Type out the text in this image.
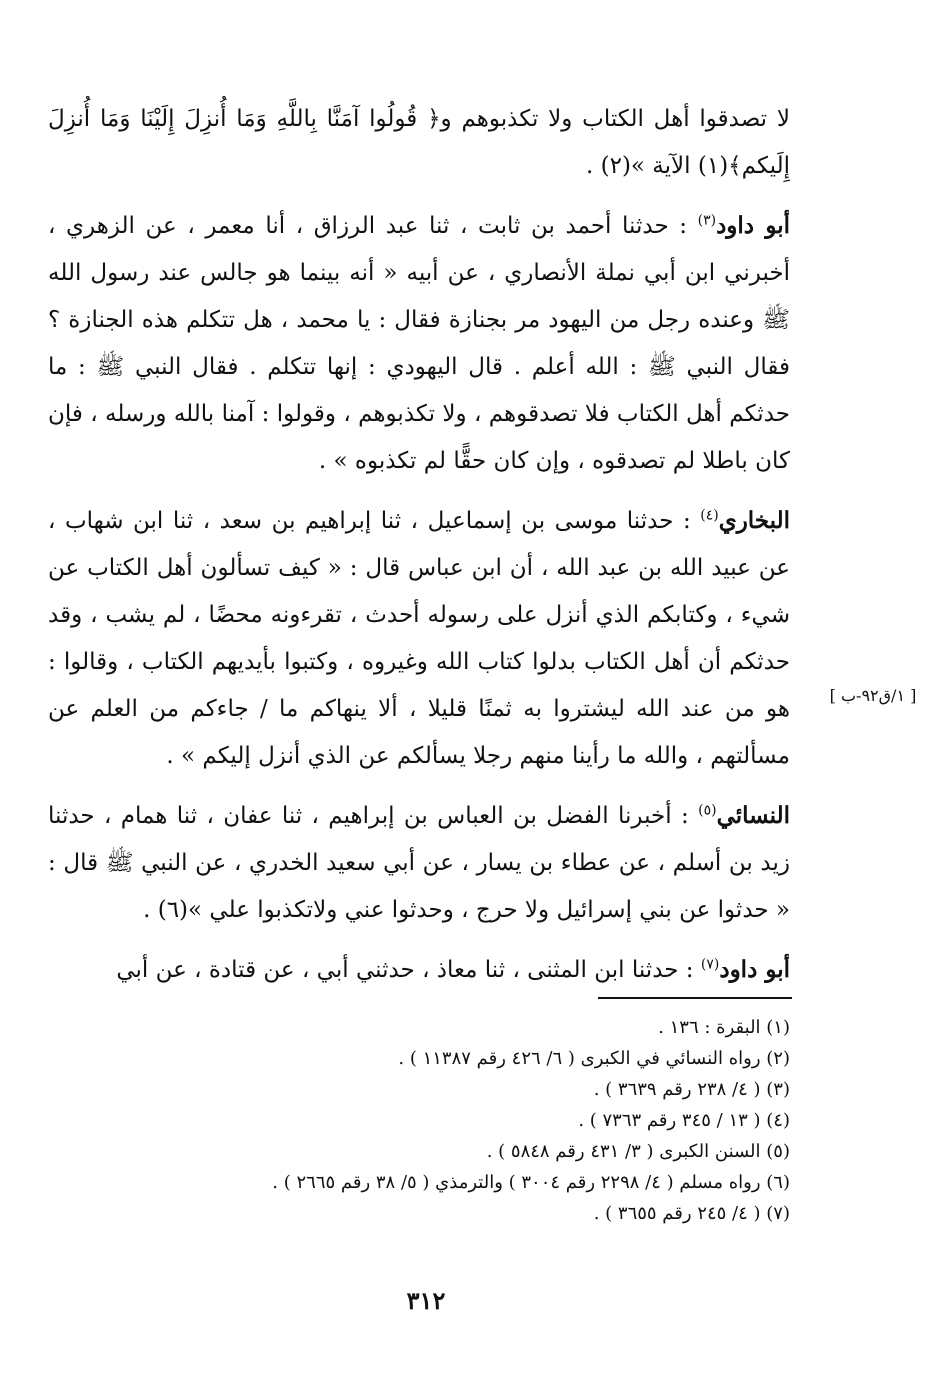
لا تصدقوا أهل الكتاب ولا تكذبوهم و﴿ قُولُوا آمَنَّا بِاللَّهِ وَمَا أُنزِلَ إِلَيْنَا وَمَا أُنزِلَ إِلَيكم﴾(١) الآية »(٢) .

أبو داود$^{(٣)}$ : حدثنا أحمد بن ثابت ، ثنا عبد الرزاق ، أنا معمر ، عن الزهري ، أخبرني ابن أبي نملة الأنصاري ، عن أبيه « أنه بينما هو جالس عند رسول الله ﷺ وعنده رجل من اليهود مر بجنازة فقال : يا محمد ، هل تتكلم هذه الجنازة ؟ فقال النبي ﷺ : الله أعلم . قال اليهودي : إنها تتكلم . فقال النبي ﷺ : ما حدثكم أهل الكتاب فلا تصدقوهم ، ولا تكذبوهم ، وقولوا : آمنا بالله ورسله ، فإن كان باطلا لم تصدقوه ، وإن كان حقًّا لم تكذبوه » .

البخاري$^{(٤)}$ : حدثنا موسى بن إسماعيل ، ثنا إبراهيم بن سعد ، ثنا ابن شهاب ، عن عبيد الله بن عبد الله ، أن ابن عباس قال : « كيف تسألون أهل الكتاب عن شيء ، وكتابكم الذي أنزل على رسوله أحدث ، تقرءونه محضًا ، لم يشب ، وقد حدثكم أن أهل الكتاب بدلوا كتاب الله وغيروه ، وكتبوا بأيديهم الكتاب ، وقالوا : هو من عند الله ليشتروا به ثمنًا قليلا ، ألا ينهاكم ما / جاءكم من العلم عن مسألتهم ، والله ما رأينا منهم رجلا يسألكم عن الذي أنزل إليكم » .

النسائي$^{(٥)}$ : أخبرنا الفضل بن العباس بن إبراهيم ، ثنا عفان ، ثنا همام ، حدثنا زيد بن أسلم ، عن عطاء بن يسار ، عن أبي سعيد الخدري ، عن النبي ﷺ قال : « حدثوا عن بني إسرائيل ولا حرج ، وحدثوا عني ولاتكذبوا علي »(٦) .

أبو داود$^{(٧)}$ : حدثنا ابن المثنى ، ثنا معاذ ، حدثني أبي ، عن قتادة ، عن أبي

[ ١/ق٩٢-ب ]
(١) البقرة : ١٣٦ .
(٢) رواه النسائي في الكبرى ( ٦/ ٤٢٦ رقم ١١٣٨٧ ) .
(٣) ( ٤/ ٢٣٨ رقم ٣٦٣٩ ) .
(٤) ( ١٣ / ٣٤٥ رقم ٧٣٦٣ ) .
(٥) السنن الكبرى ( ٣/ ٤٣١ رقم ٥٨٤٨ ) .
(٦) رواه مسلم ( ٤/ ٢٢٩٨ رقم ٣٠٠٤ ) والترمذي ( ٥/ ٣٨ رقم ٢٦٦٥ ) .
(٧) ( ٤/ ٢٤٥ رقم ٣٦٥٥ ) .
٣١٢
